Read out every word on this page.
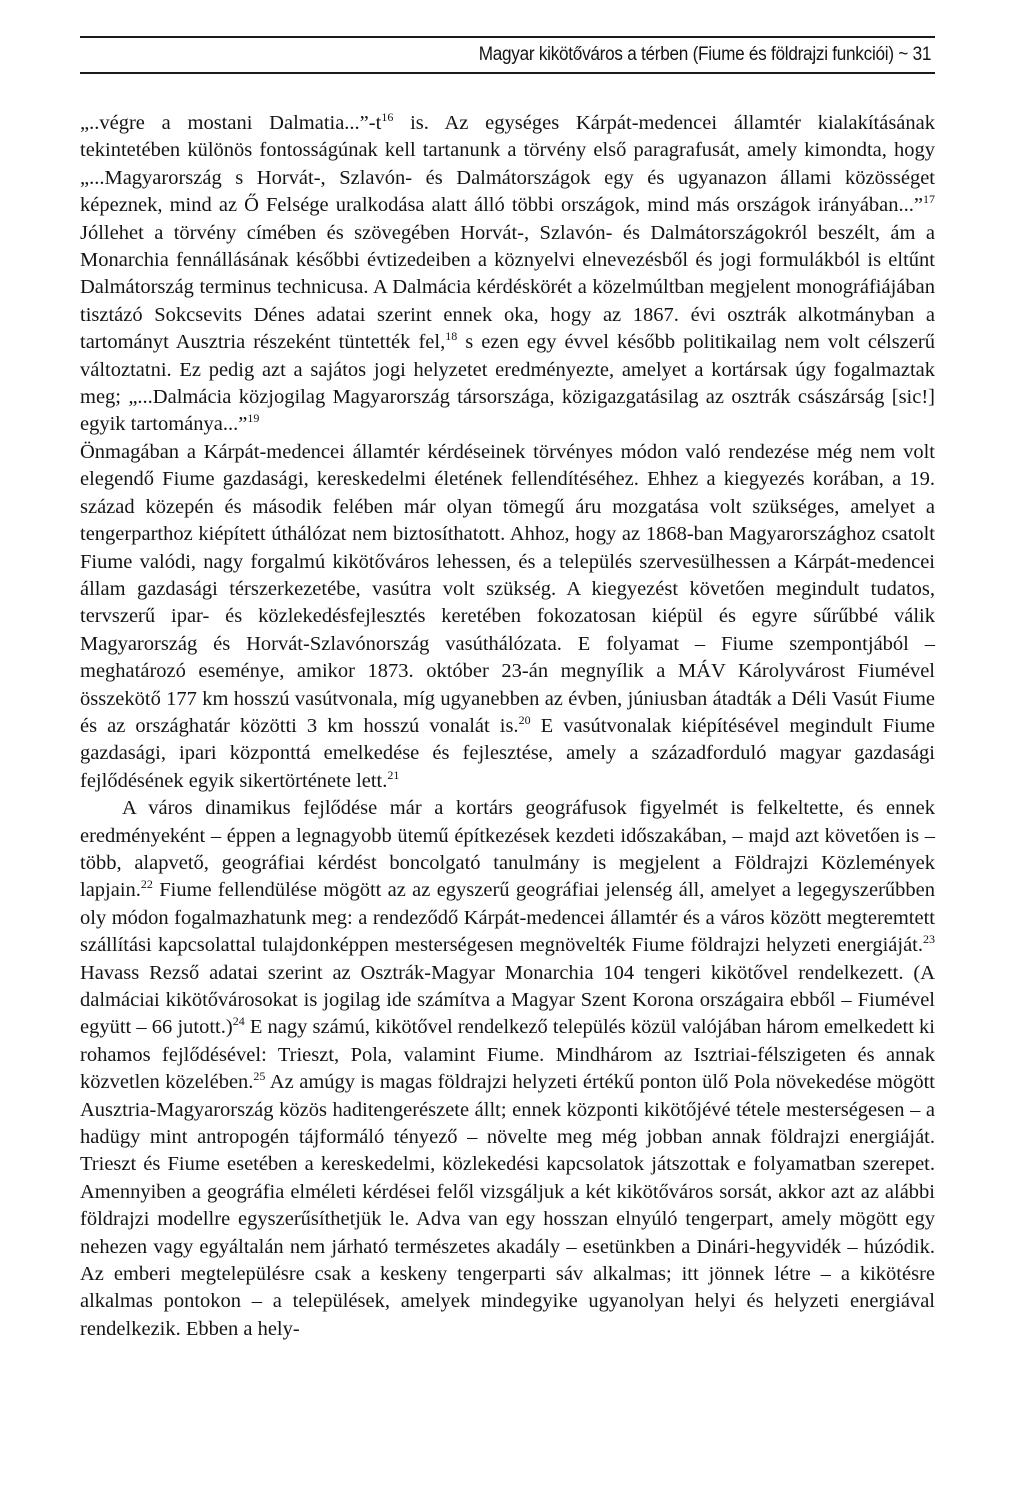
Magyar kikötőváros a térben (Fiume és földrajzi funkciói) ~ 31

„..végre a mostani $Dalmatia...”-t^{16}$ is. Az egységes Kárpát-medencei államtér kialakításának tekintetében különös fontosságúnak kell tartanunk a törvény első paragrafusát, amely kimondta, hogy „...Magyarország s Horvát-, Szlavón- és Dalmátországok egy és ugyanazon állami közösséget képeznek, mind az Ő Felsége uralkodása alatt álló többi országok, mind más országok irányában...”$^{17}$ Jóllehet a törvény címében és szövegében Horvát-, Szlavón- és Dalmátországokról beszélt, ám a Monarchia fennállásának későbbi évtizedeiben a köznyelvi elnevezésből és jogi formulákból is eltűnt Dalmátország terminus technicusa. A Dalmácia kérdéskörét a közelmúltban megjelent monográfiájában tisztázó Sokcsevits Dénes adatai szerint ennek oka, hogy az 1867. évi osztrák alkotmányban a tartományt Ausztria részeként tüntették fel,$^{18}$ s ezen egy évvel később politikailag nem volt célszerű változtatni. Ez pedig azt a sajátos jogi helyzetet eredményezte, amelyet a kortársak úgy fogalmaztak meg; „...Dalmácia közjogilag Magyarország társországa, közigazgatásilag az osztrák császárság [sic!] egyik tartománya...”$^{19}$

Önmagában a Kárpát-medencei államtér kérdéseinek törvényes módon való rendezése még nem volt elegendő Fiume gazdasági, kereskedelmi életének fellendítéséhez. Ehhez a kiegyezés korában, a 19. század közepén és második felében már olyan tömegű áru mozgatása volt szükséges, amelyet a tengerparthoz kiépített úthálózat nem biztosíthatott. Ahhoz, hogy az 1868-ban Magyarországhoz csatolt Fiume valódi, nagy forgalmú kikötőváros lehessen, és a település szervesülhessen a Kárpát-medencei állam gazdasági térszerkezetébe, vasútra volt szükség. A kiegyezést követően megindult tudatos, tervszerű ipar- és közlekedésfejlesztés keretében fokozatosan kiépül és egyre sűrűbbé válik Magyarország és Horvát-Szlavónország vasúthálózata. E folyamat – Fiume szempontjából – meghatározó eseménye, amikor 1873. október 23-án megnyílik a MÁV Károlyvárost Fiumével összekötő 177 km hosszú vasútvonala, míg ugyanebben az évben, júniusban átadták a Déli Vasút Fiume és az országhatár közötti 3 km hosszú vonalát is.$^{20}$ E vasútvonalak kiépítésével megindult Fiume gazdasági, ipari központtá emelkedése és fejlesztése, amely a századforduló magyar gazdasági fejlődésének egyik sikertörténete lett.$^{21}$

A város dinamikus fejlődése már a kortárs geográfusok figyelmét is felkeltette, és ennek eredményeként – éppen a legnagyobb ütemű építkezések kezdeti időszakában, – majd azt követően is – több, alapvető, geográfiai kérdést boncolgató tanulmány is megjelent a Földrajzi Közlemények lapjain.$^{22}$ Fiume fellendülése mögött az az egyszerű geográfiai jelenség áll, amelyet a legegyszerűbben oly módon fogalmazhatunk meg: a rendeződő Kárpát-medencei államtér és a város között megteremtett szállítási kapcsolattal tulajdonképpen mesterségesen megnövelték Fiume földrajzi helyzeti energiáját.$^{23}$ Havass Rezső adatai szerint az Osztrák-Magyar Monarchia 104 tengeri kikötővel rendelkezett. (A dalmáciai kikötővárosokat is jogilag ide számítva a Magyar Szent Korona országaira ebből – Fiumével együtt – 66 jutott.)$^{24}$ E nagy számú, kikötővel rendelkező település közül valójában három emelkedett ki rohamos fejlődésével: Trieszt, Pola, valamint Fiume. Mindhárom az Isztriai-félszigeten és annak közvetlen közelében.$^{25}$ Az amúgy is magas földrajzi helyzeti értékű ponton ülő Pola növekedése mögött Ausztria-Magyarország közös haditengerészete állt; ennek központi kikötőjévé tétele mesterségesen – a hadügy mint antropogén tájformáló tényező – növelte meg még jobban annak földrajzi energiáját. Trieszt és Fiume esetében a kereskedelmi, közlekedési kapcsolatok játszottak e folyamatban szerepet. Amennyiben a geográfia elméleti kérdései felől vizsgáljuk a két kikötőváros sorsát, akkor azt az alábbi földrajzi modellre egyszerűsíthetjük le. Adva van egy hosszan elnyúló tengerpart, amely mögött egy nehezen vagy egyáltalán nem járható természetes akadály – esetünkben a Dinári-hegyvidék – húzódik. Az emberi megtelepülésre csak a keskeny tengerparti sáv alkalmas; itt jönnek létre – a kikötésre alkalmas pontokon – a települések, amelyek mindegyike ugyanolyan helyi és helyzeti energiával rendelkezik. Ebben a hely-
